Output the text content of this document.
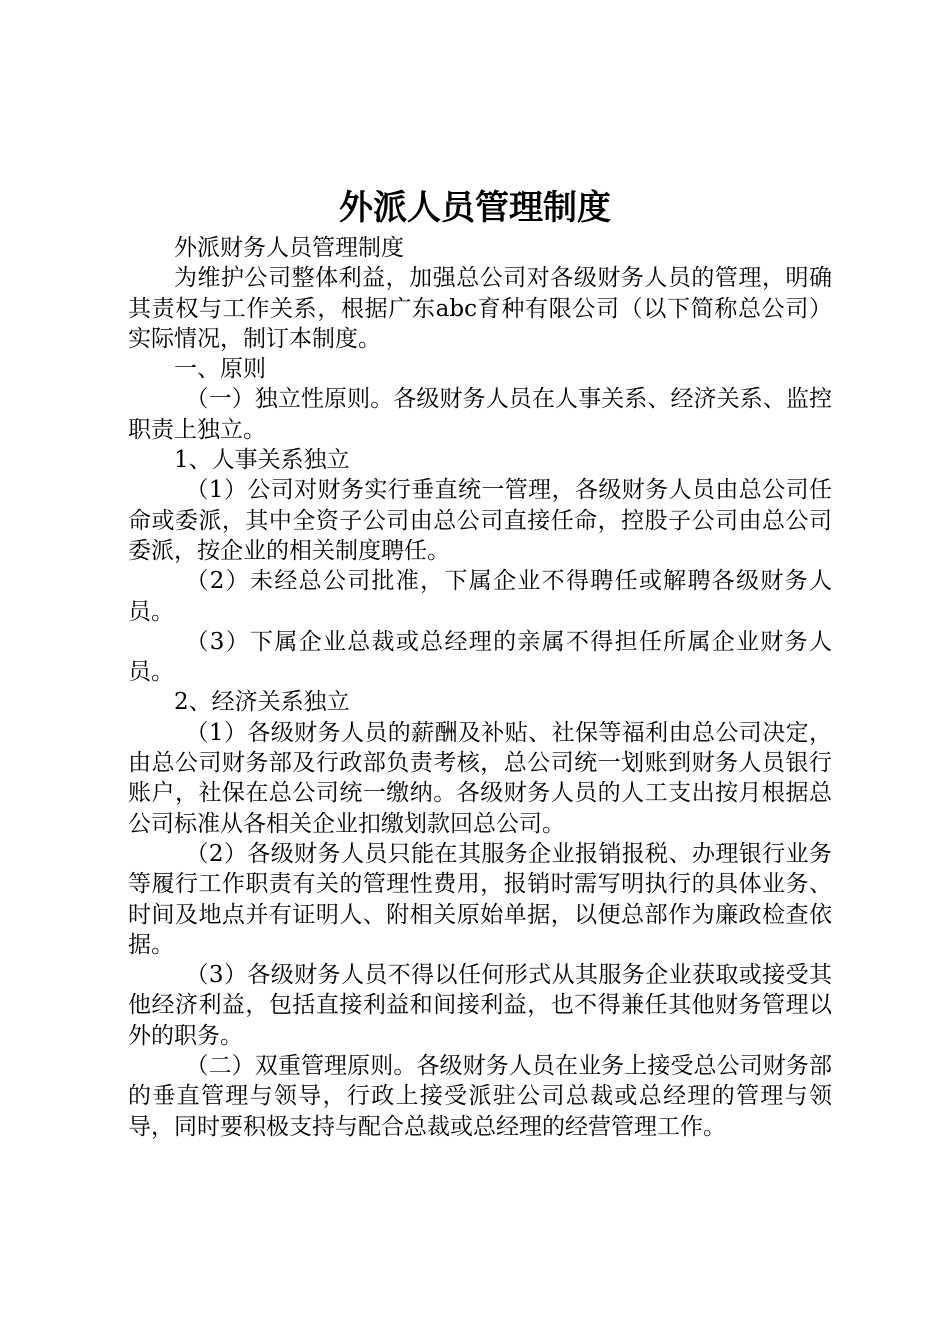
外派人员管理制度

外派财务人员管理制度

为维护公司整体利益，加强总公司对各级财务人员的管理，明确其责权与工作关系，根据广东abc育种有限公司（以下简称总公司）实际情况，制订本制度。

一、原则

（一）独立性原则。各级财务人员在人事关系、经济关系、监控职责上独立。

1、人事关系独立

（1）公司对财务实行垂直统一管理，各级财务人员由总公司任命或委派，其中全资子公司由总公司直接任命，控股子公司由总公司委派，按企业的相关制度聘任。

（2）未经总公司批准，下属企业不得聘任或解聘各级财务人员。

（3）下属企业总裁或总经理的亲属不得担任所属企业财务人员。

2、经济关系独立

（1）各级财务人员的薪酬及补贴、社保等福利由总公司决定，由总公司财务部及行政部负责考核，总公司统一划账到财务人员银行账户，社保在总公司统一缴纳。各级财务人员的人工支出按月根据总公司标准从各相关企业扣缴划款回总公司。

（2）各级财务人员只能在其服务企业报销报税、办理银行业务等履行工作职责有关的管理性费用，报销时需写明执行的具体业务、时间及地点并有证明人、附相关原始单据，以便总部作为廉政检查依据。

（3）各级财务人员不得以任何形式从其服务企业获取或接受其他经济利益，包括直接利益和间接利益，也不得兼任其他财务管理以外的职务。

（二）双重管理原则。各级财务人员在业务上接受总公司财务部的垂直管理与领导，行政上接受派驻公司总裁或总经理的管理与领导，同时要积极支持与配合总裁或总经理的经营管理工作。
